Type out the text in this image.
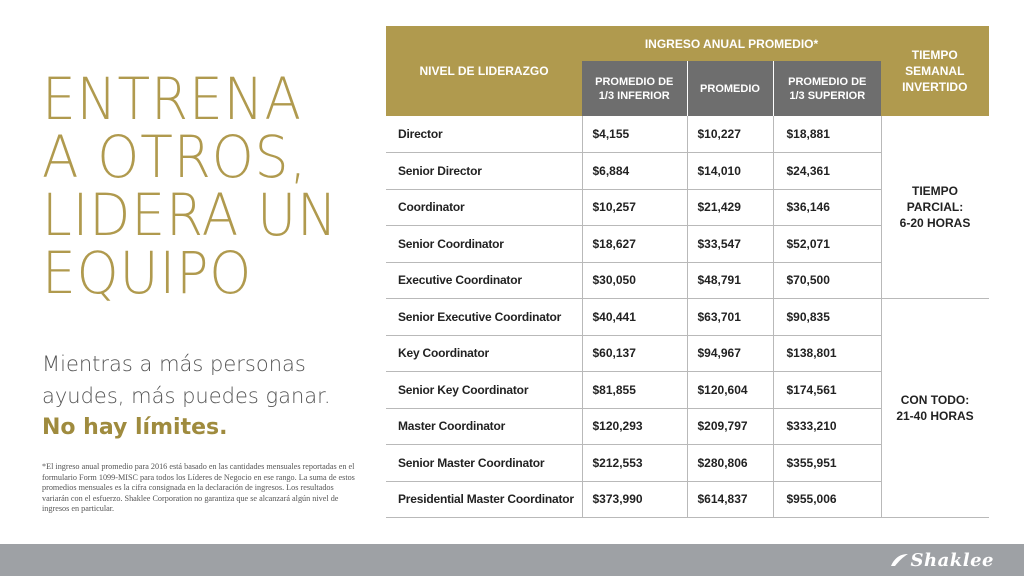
ENTRENA
A OTROS,
LIDERA UN
EQUIPO
Mientras a más personas
ayudes, más puedes ganar.
No hay límites.
*El ingreso anual promedio para 2016 está basado en las cantidades mensuales reportadas en el formulario Form 1099-MISC para todos los Líderes de Negocio en ese rango. La suma de estos promedios mensuales es la cifra consignada en la declaración de ingresos. Los resultados variarán con el esfuerzo. Shaklee Corporation no garantiza que se alcanzará algún nivel de ingresos en particular.
NIVEL DE LIDERAZGO	INGRESO ANUAL PROMEDIO*			TIEMPO SEMANAL INVERTIDO
	PROMEDIO DE 1/3 INFERIOR	PROMEDIO	PROMEDIO DE 1/3 SUPERIOR	
Director	$4,155	$10,227	$18,881	TIEMPO
PARCIAL:
6-20 HORAS

Senior Director	$6,884	$14,010	$24,361	
Coordinator	$10,257	$21,429	$36,146	
Senior Coordinator	$18,627	$33,547	$52,071	
Executive Coordinator	$30,050	$48,791	$70,500	
Senior Executive Coordinator	$40,441	$63,701	$90,835	CON TODO:
21-40 HORAS

Key Coordinator	$60,137	$94,967	$138,801	
Senior Key Coordinator	$81,855	$120,604	$174,561	
Master Coordinator	$120,293	$209,797	$333,210	
Senior Master Coordinator	$212,553	$280,806	$355,951	
Presidential Master Coordinator	$373,990	$614,837	$955,006	
Shaklee
